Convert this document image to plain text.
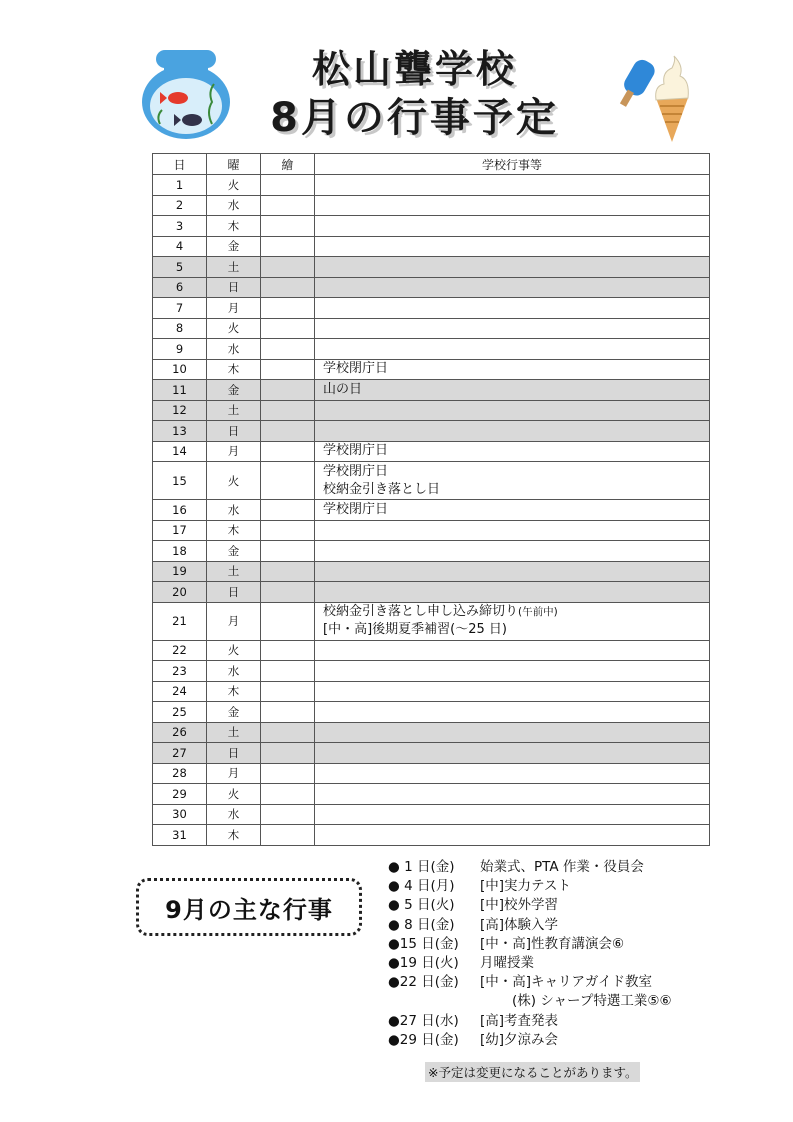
松山聾学校
8月の行事予定
日	曜	繪	学校行事等
1	火		
2	水		
3	木		
4	金		
5	土		
6	日		
7	月		
8	火		
9	水		
10	木		学校閉庁日
11	金		山の日
12	土		
13	日		
14	月		学校閉庁日
15	火		学校閉庁日
校納金引き落とし日

16	水		学校閉庁日
17	木		
18	金		
19	土		
20	日		
21	月		校納金引き落とし申し込み締切り(午前中)
[中・高]後期夏季補習(〜25 日)

22	火		
23	水		
24	木		
25	金		
26	土		
27	日		
28	月		
29	火		
30	水		
31	木		
9月の主な行事
● 1 日(金)	始業式、PTA 作業・役員会
● 4 日(月)	[中]実力テスト
● 5 日(火)	[中]校外学習
● 8 日(金)	[高]体験入学
●15 日(金)	[中・高]性教育講演会⑥
●19 日(火)	月曜授業
●22 日(金)	[中・高]キャリアガイド教室
(株) シャープ特選工業⑤⑥
●27 日(水)	[高]考査発表
●29 日(金)	[幼]夕涼み会
※予定は変更になることがあります。
